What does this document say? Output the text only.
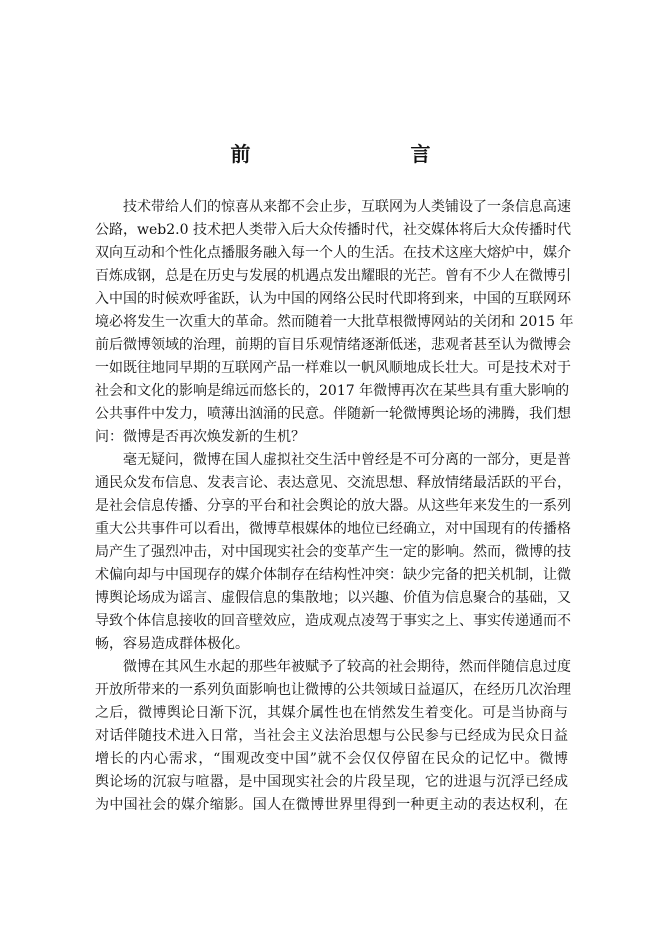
前　　言
技术带给人们的惊喜从来都不会止步，互联网为人类铺设了一条信息高速
公路，web2.0 技术把人类带入后大众传播时代，社交媒体将后大众传播时代
双向互动和个性化点播服务融入每一个人的生活。在技术这座大熔炉中，媒介
百炼成钢，总是在历史与发展的机遇点发出耀眼的光芒。曾有不少人在微博引
入中国的时候欢呼雀跃，认为中国的网络公民时代即将到来，中国的互联网环
境必将发生一次重大的革命。然而随着一大批草根微博网站的关闭和 2015 年
前后微博领域的治理，前期的盲目乐观情绪逐渐低迷，悲观者甚至认为微博会
一如既往地同早期的互联网产品一样难以一帆风顺地成长壮大。可是技术对于
社会和文化的影响是绵远而悠长的，2017 年微博再次在某些具有重大影响的
公共事件中发力，喷薄出汹涌的民意。伴随新一轮微博舆论场的沸腾，我们想
问：微博是否再次焕发新的生机？
毫无疑问，微博在国人虚拟社交生活中曾经是不可分离的一部分，更是普
通民众发布信息、发表言论、表达意见、交流思想、释放情绪最活跃的平台，
是社会信息传播、分享的平台和社会舆论的放大器。从这些年来发生的一系列
重大公共事件可以看出，微博草根媒体的地位已经确立，对中国现有的传播格
局产生了强烈冲击，对中国现实社会的变革产生一定的影响。然而，微博的技
术偏向却与中国现存的媒介体制存在结构性冲突：缺少完备的把关机制，让微
博舆论场成为谣言、虚假信息的集散地；以兴趣、价值为信息聚合的基础，又
导致个体信息接收的回音壁效应，造成观点凌驾于事实之上、事实传递通而不
畅，容易造成群体极化。
微博在其风生水起的那些年被赋予了较高的社会期待，然而伴随信息过度
开放所带来的一系列负面影响也让微博的公共领域日益逼仄，在经历几次治理
之后，微博舆论日渐下沉，其媒介属性也在悄然发生着变化。可是当协商与
对话伴随技术进入日常，当社会主义法治思想与公民参与已经成为民众日益
增长的内心需求，“围观改变中国”就不会仅仅停留在民众的记忆中。微博
舆论场的沉寂与喧嚣，是中国现实社会的片段呈现，它的进退与沉浮已经成
为中国社会的媒介缩影。国人在微博世界里得到一种更主动的表达权利，在
